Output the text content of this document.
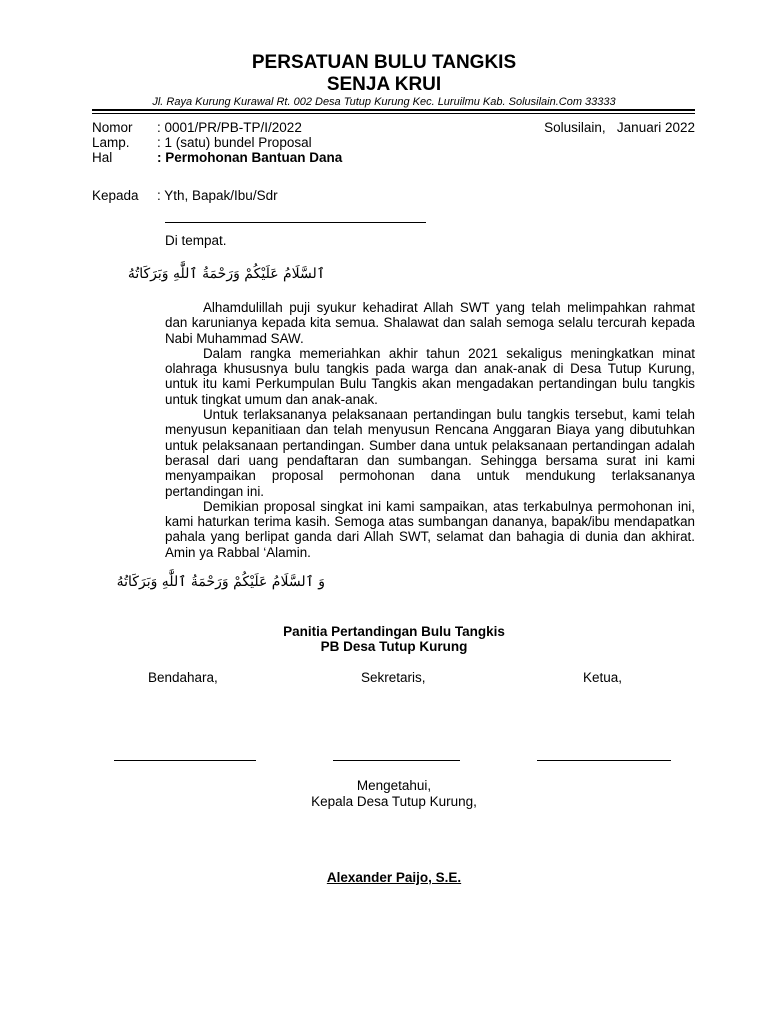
PERSATUAN BULU TANGKIS
SENJA KRUI
Jl. Raya Kurung Kurawal Rt. 002 Desa Tutup Kurung Kec. Luruilmu Kab. Solusilain.Com 33333
Nomor : 0001/PR/PB-TP/I/2022	Solusilain,   Januari 2022
Lamp. : 1 (satu) bundel Proposal
Hal	: Permohonan Bantuan Dana
Kepada : Yth, Bapak/Ibu/Sdr
Di tempat.
ٱلسَّلَامُ عَلَيْكُمْ وَرَحْمَةُ ٱللَّٰهِ وَبَرَكَاتُهُ

Alhamdulillah puji syukur kehadirat Allah SWT yang telah melimpahkan rahmat dan karunianya kepada kita semua. Shalawat dan salah semoga selalu tercurah kepada Nabi Muhammad SAW.

Dalam rangka memeriahkan akhir tahun 2021 sekaligus meningkatkan minat olahraga khususnya bulu tangkis pada warga dan anak-anak di Desa Tutup Kurung, untuk itu kami Perkumpulan Bulu Tangkis akan mengadakan pertandingan bulu tangkis untuk tingkat umum dan anak-anak.

Untuk terlaksananya pelaksanaan pertandingan bulu tangkis tersebut, kami telah menyusun kepanitiaan dan telah menyusun Rencana Anggaran Biaya yang dibutuhkan untuk pelaksanaan pertandingan. Sumber dana untuk pelaksanaan pertandingan adalah berasal dari uang pendaftaran dan sumbangan. Sehingga bersama surat ini kami menyampaikan proposal permohonan dana untuk mendukung terlaksananya pertandingan ini.

Demikian proposal singkat ini kami sampaikan, atas terkabulnya permohonan ini, kami haturkan terima kasih. Semoga atas sumbangan dananya, bapak/ibu mendapatkan pahala yang berlipat ganda dari Allah SWT, selamat dan bahagia di dunia dan akhirat. Amin ya Rabbal ‘Alamin.

وَ ٱلسَّلَامُ عَلَيْكُمْ وَرَحْمَةُ ٱللَّٰهِ وَبَرَكَاتُهُ
Panitia Pertandingan Bulu Tangkis
PB Desa Tutup Kurung
Bendahara,	Sekretaris,	Ketua,
Mengetahui,
Kepala Desa Tutup Kurung,
Alexander Paijo, S.E.
